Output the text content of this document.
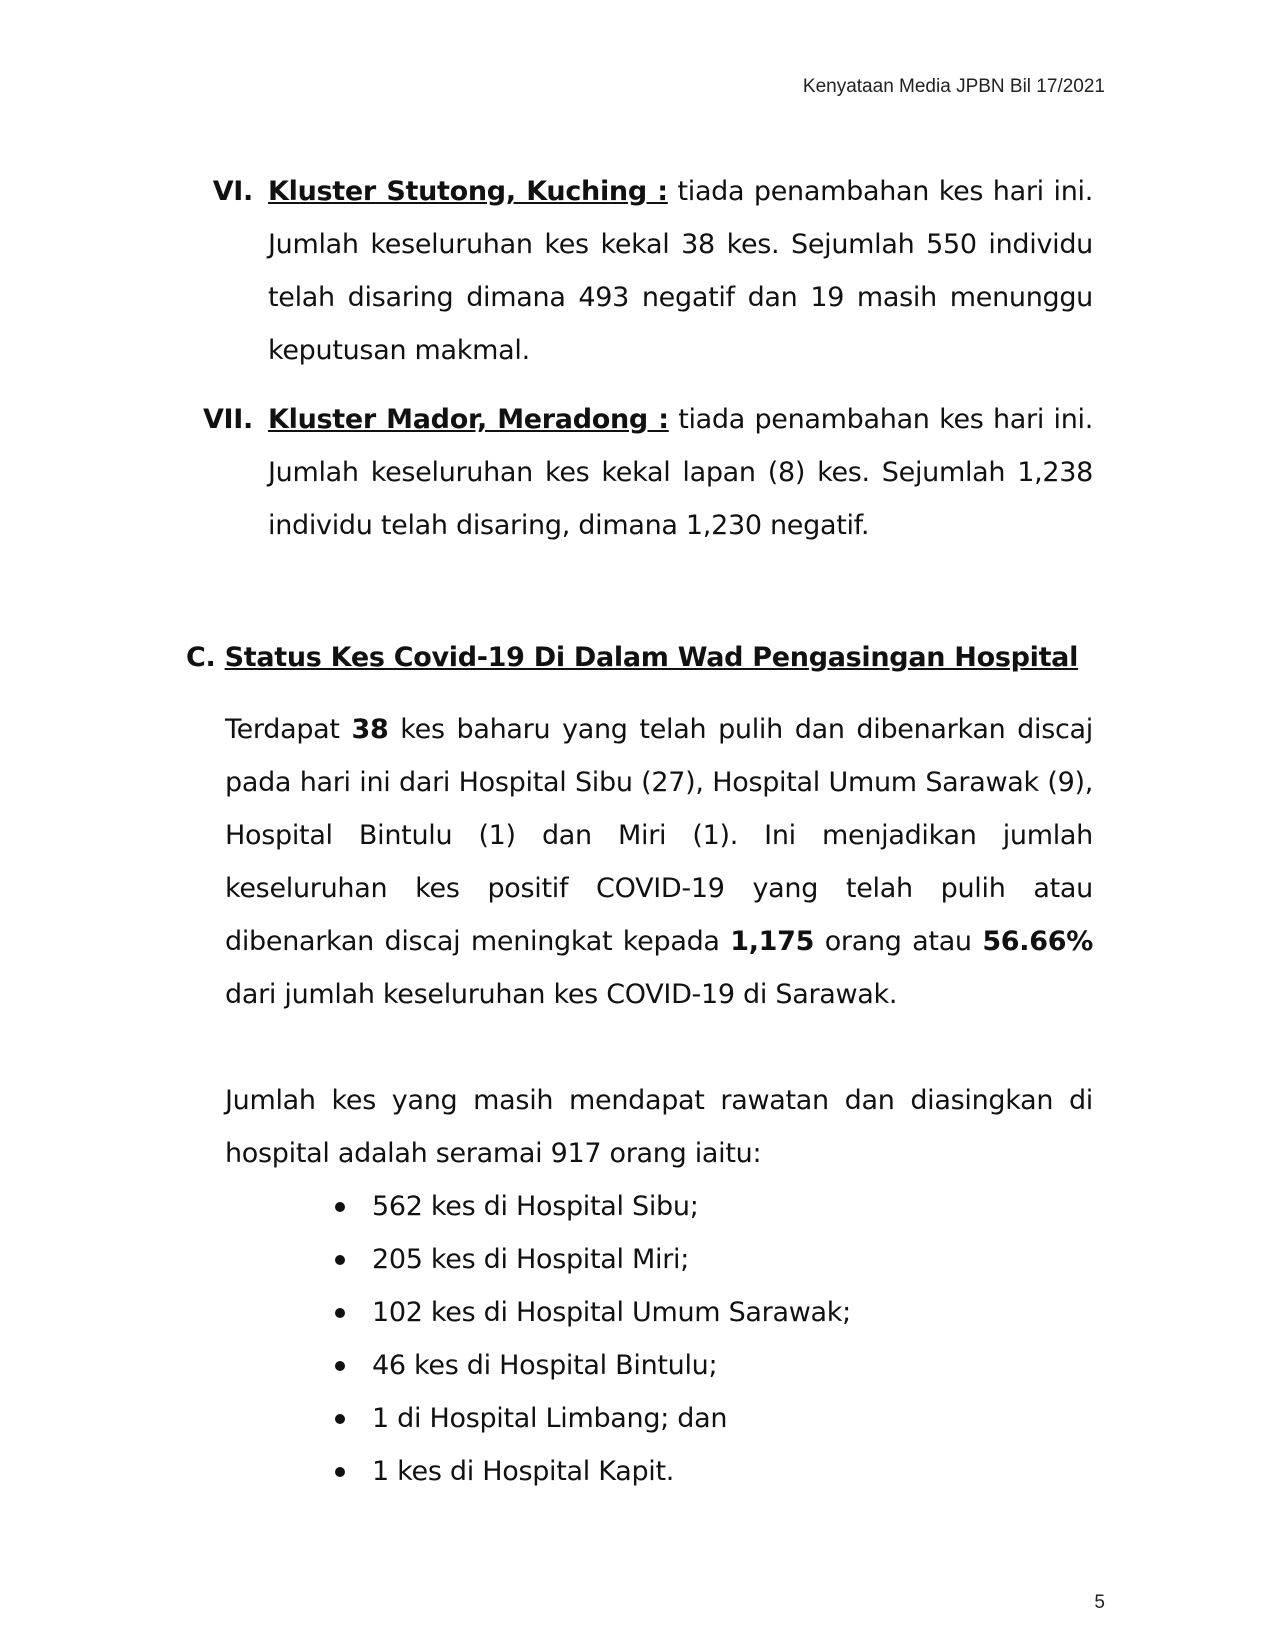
Kenyataan Media JPBN Bil 17/2021
VI. Kluster Stutong, Kuching : tiada penambahan kes hari ini. Jumlah keseluruhan kes kekal 38 kes. Sejumlah 550 individu telah disaring dimana 493 negatif dan 19 masih menunggu keputusan makmal.
VII. Kluster Mador, Meradong : tiada penambahan kes hari ini. Jumlah keseluruhan kes kekal lapan (8) kes. Sejumlah 1,238 individu telah disaring, dimana 1,230 negatif.
C. Status Kes Covid-19 Di Dalam Wad Pengasingan Hospital
Terdapat 38 kes baharu yang telah pulih dan dibenarkan discaj pada hari ini dari Hospital Sibu (27), Hospital Umum Sarawak (9), Hospital Bintulu (1) dan Miri (1). Ini menjadikan jumlah keseluruhan kes positif COVID-19 yang telah pulih atau dibenarkan discaj meningkat kepada 1,175 orang atau 56.66% dari jumlah keseluruhan kes COVID-19 di Sarawak.
Jumlah kes yang masih mendapat rawatan dan diasingkan di hospital adalah seramai 917 orang iaitu:
562 kes di Hospital Sibu;
205 kes di Hospital Miri;
102 kes di Hospital Umum Sarawak;
46 kes di Hospital Bintulu;
1 di Hospital Limbang; dan
1 kes di Hospital Kapit.
5
